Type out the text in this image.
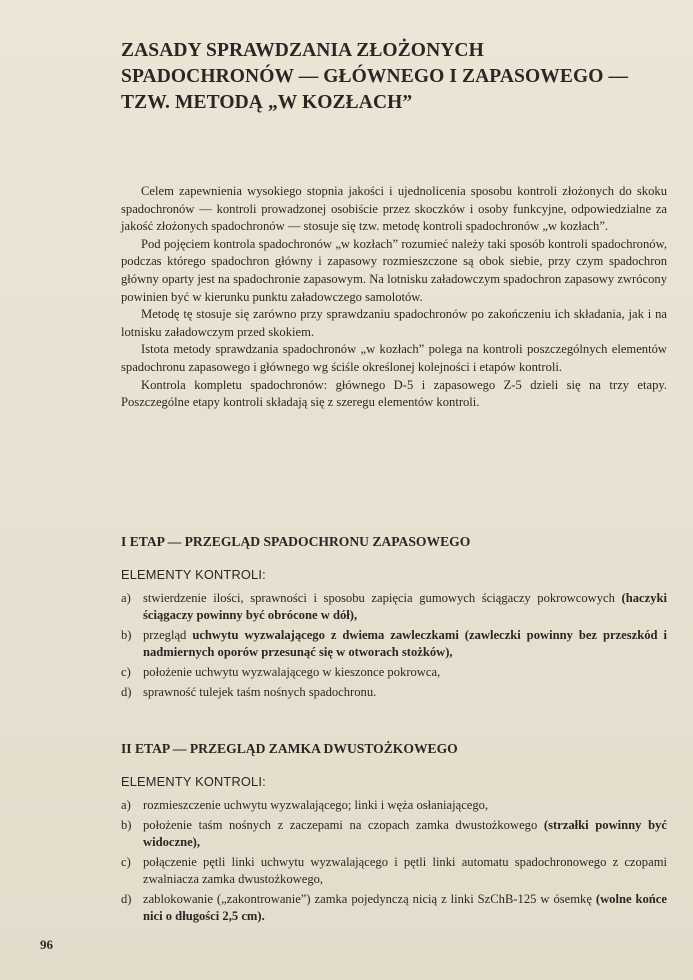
ZASADY SPRAWDZANIA ZŁOŻONYCH
SPADOCHRONÓW — GŁÓWNEGO I ZAPASOWEGO —
TZW. METODĄ „W KOZŁACH”

Celem zapewnienia wysokiego stopnia jakości i ujednolicenia sposobu kontroli złożonych do skoku spadochronów — kontroli prowadzonej osobiście przez skoczków i osoby funkcyjne, odpowiedzialne za jakość złożonych spadochronów — stosuje się tzw. metodę kontroli spadochronów „w kozłach”.

Pod pojęciem kontrola spadochronów „w kozłach” rozumieć należy taki sposób kontroli spadochronów, podczas którego spadochron główny i zapasowy rozmieszczone są obok siebie, przy czym spadochron główny oparty jest na spadochronie zapasowym. Na lotnisku załadowczym spadochron zapasowy zwrócony powinien być w kierunku punktu załadowczego samolotów.

Metodę tę stosuje się zarówno przy sprawdzaniu spadochronów po zakończeniu ich składania, jak i na lotnisku załadowczym przed skokiem.

Istota metody sprawdzania spadochronów „w kozłach” polega na kontroli poszczególnych elementów spadochronu zapasowego i głównego wg ściśle określonej kolejności i etapów kontroli.

Kontrola kompletu spadochronów: głównego D-5 i zapasowego Z-5 dzieli się na trzy etapy. Poszczególne etapy kontroli składają się z szeregu elementów kontroli.

I ETAP — PRZEGLĄD SPADOCHRONU ZAPASOWEGO

ELEMENTY KONTROLI:

a) stwierdzenie ilości, sprawności i sposobu zapięcia gumowych ściągaczy pokrowcowych (haczyki ściągaczy powinny być obrócone w dół),
b) przegląd uchwytu wyzwalającego z dwiema zawleczkami (zawleczki powinny bez przeszkód i nadmiernych oporów przesunąć się w otworach stożków),
c) położenie uchwytu wyzwalającego w kieszonce pokrowca,
d) sprawność tulejek taśm nośnych spadochronu.
II ETAP — PRZEGLĄD ZAMKA DWUSTOŻKOWEGO

ELEMENTY KONTROLI:

a) rozmieszczenie uchwytu wyzwalającego; linki i węża osłaniającego,
b) położenie taśm nośnych z zaczepami na czopach zamka dwustożkowego (strzałki powinny być widoczne),
c) połączenie pętli linki uchwytu wyzwalającego i pętli linki automatu spadochronowego z czopami zwalniacza zamka dwustożkowego,
d) zablokowanie („zakontrowanie”) zamka pojedynczą nicią z linki SzChB-125 w ósemkę (wolne końce nici o długości 2,5 cm).

96
